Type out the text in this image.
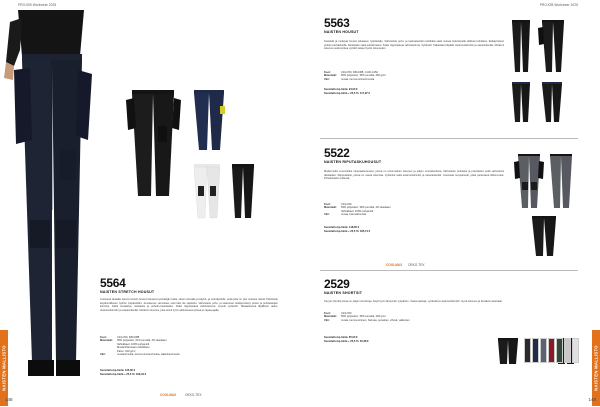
PROJOB Workwear 2025
NAISTEN MALLISTO
148
5564
NAISTEN STRETCH HOUSUT
Joustavat ahtaalle istuvat stretch-housut haluavat työntekijän takia, oikein istuvalle ja käyttö- ja sorinäytteille, sekä joka on yksi mukava nämä! Tarkoitettu käytännölliseen työhön työpäivittäin. Joustavuus varmistaa, ettei liike ole rajoitettu. Vahvistettu polvi- ja taskuosat. Esikäyristetyt polvet ja polvitaskujen kiinnitys. Kaksi etutaskua, reisitasku ja puhelin-/rastatasku. Kaksi riipputaskua vahvistettuna. Leveät vyölenkit. Takataskussa läpällinen tasku. Avaimenkiinnitin ja vasaranlenkki. Moderni istuvuus, joka toimii hyvin aktiivisessa työssä ja vapaa-ajalla.
Koot:	C34-C50, D60-D88
Materiaali: 35% polyesteri, 61% puuvilla, 4% elastaani
Vahvikkeet: 100% polyamidi
Mustan/harmaan vahvikkeet
Paino: 310 g/m²
Väri:	mustan/musta, tumma sininen/musta, valkoinen/musta
Suositeltu kp-hinta: 135,00 €
Suositeltu kp-hinta + 25,5 %: 169,43 €
COOLMAX	OEKO-TEX
PROJOB Workwear 2025
NAISTEN MALLISTO
149
5563
NAISTEN HOUSUT
Kestävät ja mukavat housut jokaiseen työpäivään. Vahvistettu polvi- ja taskualueiden kohdalta sekä muissa kulutukselle alttiissa kohdissa. Esikäyristetyt polvet polvitaskuilla. Reisitasku sekä puhelintasku. Kaksi riipputaskua vahvistettuna. Vyölenkit. Takataskut läpällä. Avaimenkiinnitin ja vasaranlenkki. Moderni istuvuus sekä korkea vyötärö takaa hyvän istuvuuden.
Koot:	C34-C50, D60-D88, C146-C152
Materiaali: 65% polyesteri, 35% puuvilla, 260 g/m²
Väri:	musta, tumma sininen/musta
Suositeltu kp-hinta: 94,00 €
Suositeltu kp-hinta + 25,5 %: 117,97 €
5522
NAISTEN RIPUTASKUHOUSUT
Moderneiksi suunnitellut riipputaskuhousut, joissa on erinomainen istuvuus ja paljon ominaisuuksia. Vahvistettu polvialue ja polvitaskut sekä vahvistetut takataskut. Riipputaskut, joissa on useita lokeroita. Vyölenkit sekä avaimenkiinnitin ja vasaranlenkki. Joustavat sivupaneelit, jotka parantavat liikkuvuutta. Puhelintasku reidessä.
Koot:	C34-C50
Materiaali: 59% polyesteri, 39% puuvilla, 2% elastaani
Vahvikkeet: 100% polyamidi
Väri:	musta, harmaa/musta
Suositeltu kp-hinta: 148,00 €
Suositeltu kp-hinta + 25,5 %: 185,74 €
COOLMAX OEKO-TEX
2529
NAISTEN SHORTSIT
Kevyet shortsit joissa on paljon toimintoja. Sopii hyvin lämpimiin työpäiviin. Useita taskuja, vyölenkit ja avaimenkiinnitin. Hyvä istuvuus ja kestävä materiaali.
Koot:	C34-C50
Materiaali: 65% polyesteri, 35% puuvilla, 245 g/m²
Väri:	musta, tumma sininen, harmaa, punainen, vihreä, valkoinen
Suositeltu kp-hinta: 65,00 €
Suositeltu kp-hinta + 25,5 %: 81,58 €
